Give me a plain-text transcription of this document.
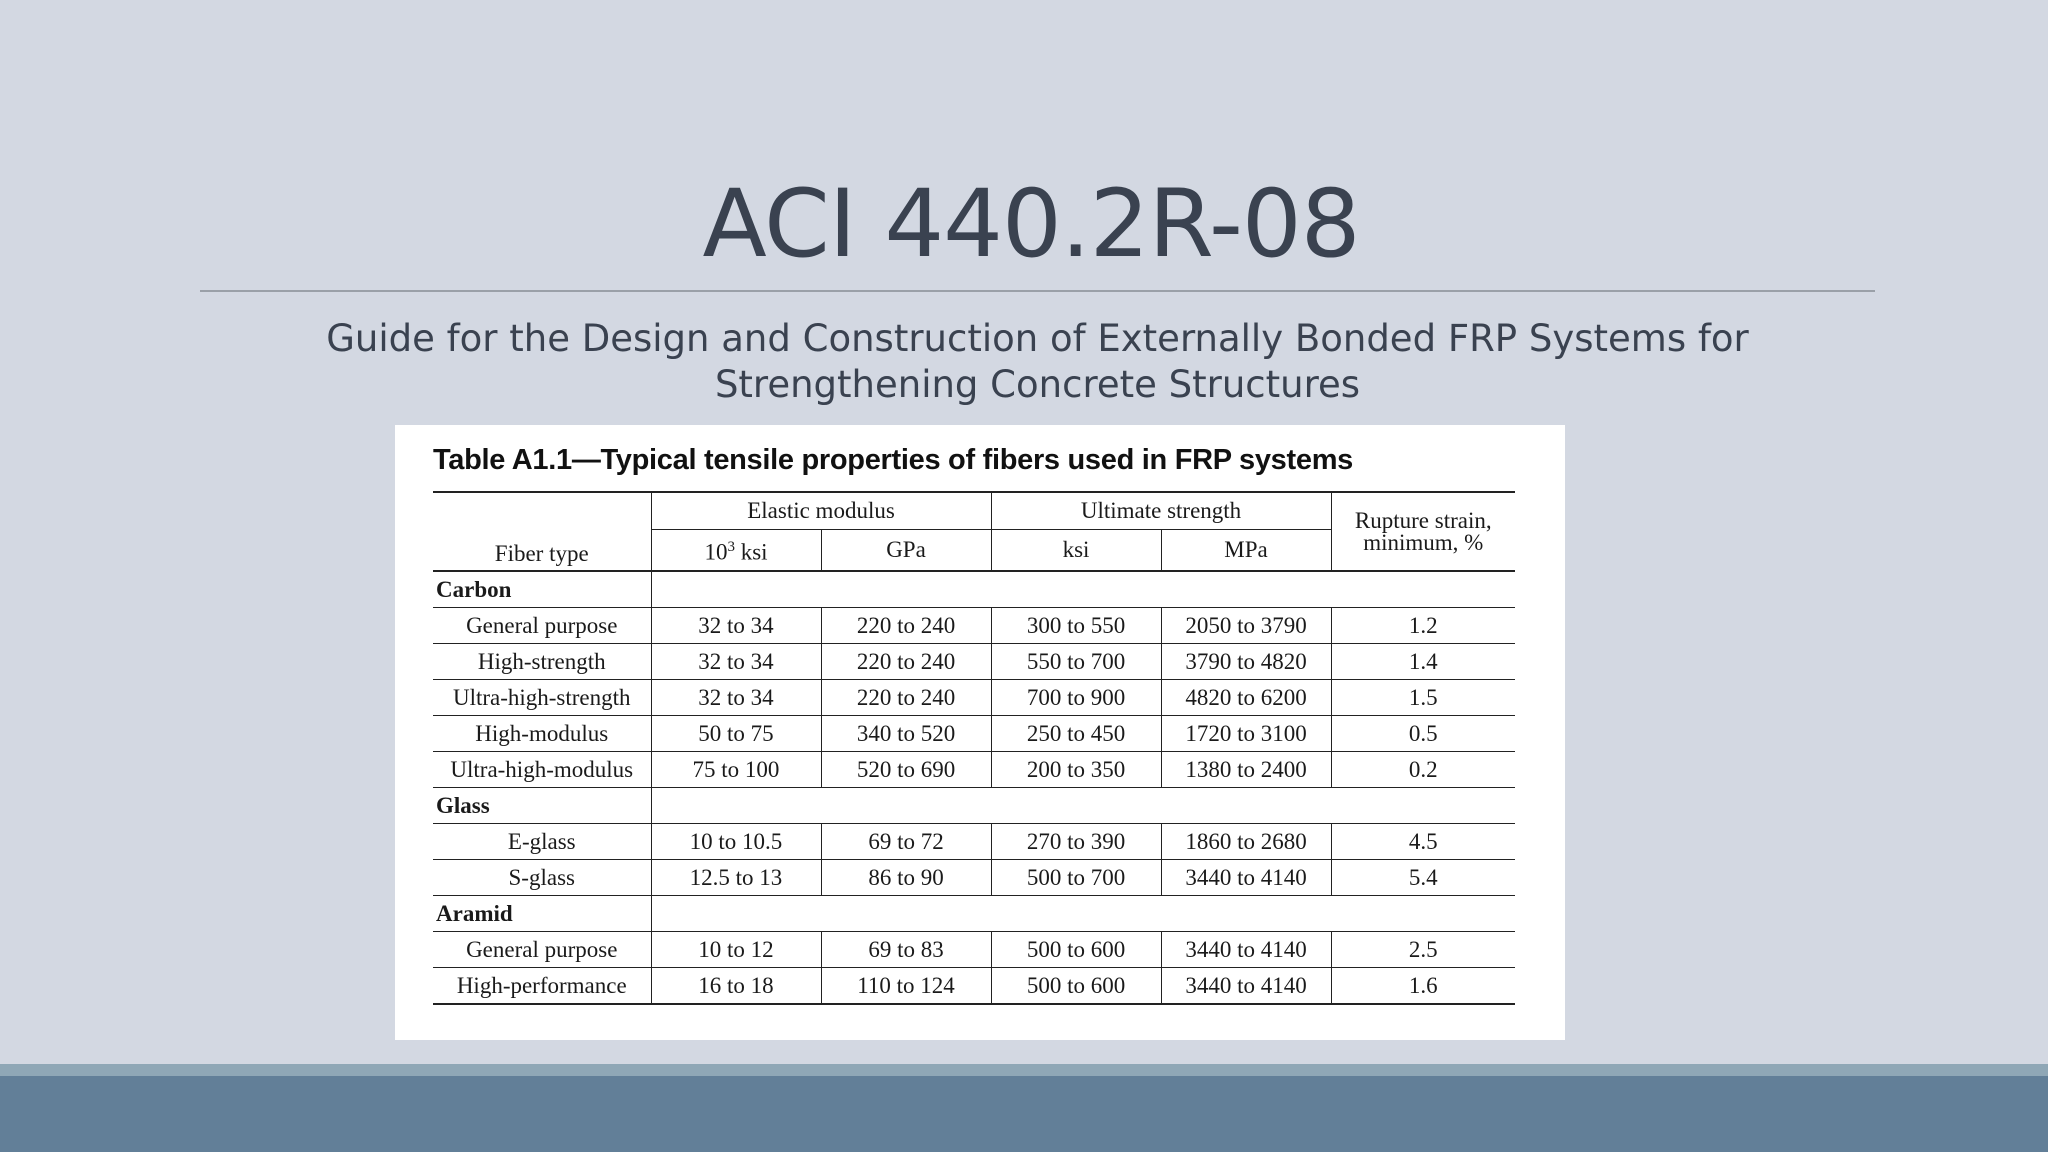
ACI 440.2R-08

Guide for the Design and Construction of Externally Bonded FRP Systems for Strengthening Concrete Structures

Table A1.1—Typical tensile properties of fibers used in FRP systems
Fiber type	Elastic modulus		Ultimate strength		Rupture strain, minimum, %
	$10^3$ ksi	GPa	ksi	MPa	
Carbon					
General purpose	32 to 34	220 to 240	300 to 550	2050 to 3790	1.2
High-strength	32 to 34	220 to 240	550 to 700	3790 to 4820	1.4
Ultra-high-strength	32 to 34	220 to 240	700 to 900	4820 to 6200	1.5
High-modulus	50 to 75	340 to 520	250 to 450	1720 to 3100	0.5
Ultra-high-modulus	75 to 100	520 to 690	200 to 350	1380 to 2400	0.2
Glass					
E-glass	10 to 10.5	69 to 72	270 to 390	1860 to 2680	4.5
S-glass	12.5 to 13	86 to 90	500 to 700	3440 to 4140	5.4
Aramid					
General purpose	10 to 12	69 to 83	500 to 600	3440 to 4140	2.5
High-performance	16 to 18	110 to 124	500 to 600	3440 to 4140	1.6
